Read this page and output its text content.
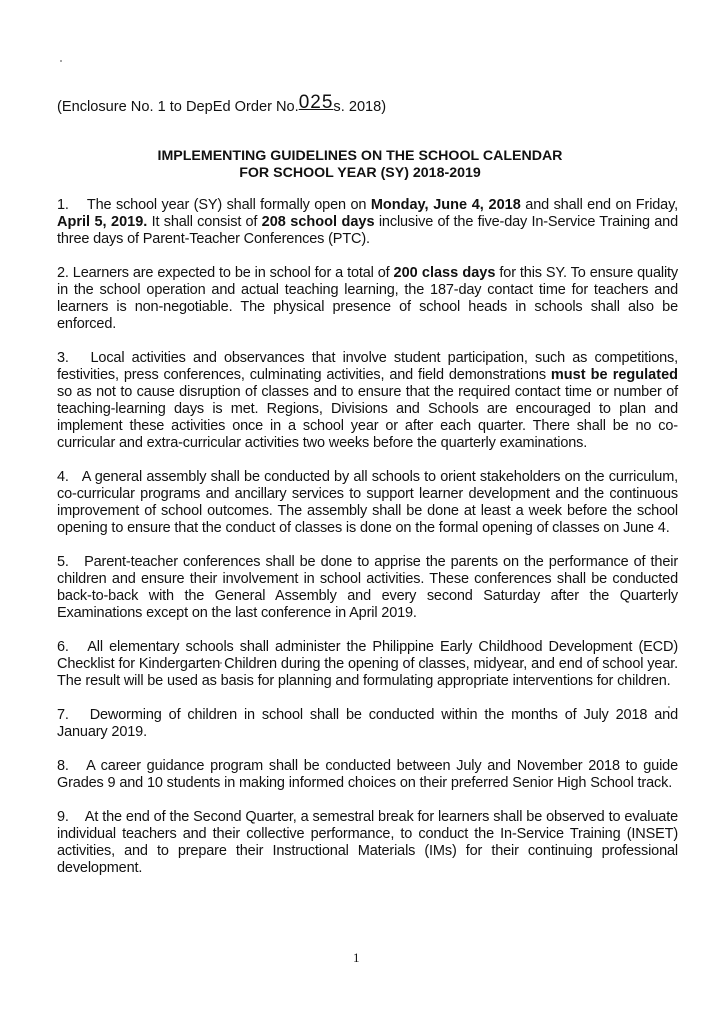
(Enclosure No. 1 to DepEd Order No.025s. 2018)
IMPLEMENTING GUIDELINES ON THE SCHOOL CALENDAR
FOR SCHOOL YEAR (SY) 2018-2019

1.    The school year (SY) shall formally open on Monday, June 4, 2018 and shall end on Friday, April 5, 2019. It shall consist of 208 school days inclusive of the five-day In-Service Training and three days of Parent-Teacher Conferences (PTC).

2. Learners are expected to be in school for a total of 200 class days for this SY. To ensure quality in the school operation and actual teaching learning, the 187-day contact time for teachers and learners is non-negotiable. The physical presence of school heads in schools shall also be enforced.

3.   Local activities and observances that involve student participation, such as competitions, festivities, press conferences, culminating activities, and field demonstrations must be regulated so as not to cause disruption of classes and to ensure that the required contact time or number of teaching-learning days is met. Regions, Divisions and Schools are encouraged to plan and implement these activities once in a school year or after each quarter. There shall be no co-curricular and extra-curricular activities two weeks before the quarterly examinations.

4.   A general assembly shall be conducted by all schools to orient stakeholders on the curriculum, co-curricular programs and ancillary services to support learner development and the continuous improvement of school outcomes. The assembly shall be done at least a week before the school opening to ensure that the conduct of classes is done on the formal opening of classes on June 4.

5.   Parent-teacher conferences shall be done to apprise the parents on the performance of their children and ensure their involvement in school activities. These conferences shall be conducted back-to-back with the General Assembly and every second Saturday after the Quarterly Examinations except on the last conference in April 2019.

6.   All elementary schools shall administer the Philippine Early Childhood Development (ECD) Checklist for Kindergarten Children during the opening of classes, midyear, and end of school year. The result will be used as basis for planning and formulating appropriate interventions for children.

7.   Deworming of children in school shall be conducted within the months of July 2018 and January 2019.

8.   A career guidance program shall be conducted between July and November 2018 to guide Grades 9 and 10 students in making informed choices on their preferred Senior High School track.

9.    At the end of the Second Quarter, a semestral break for learners shall be observed to evaluate individual teachers and their collective performance, to conduct the In-Service Training (INSET) activities, and to prepare their Instructional Materials (IMs) for their continuing professional development.

1
